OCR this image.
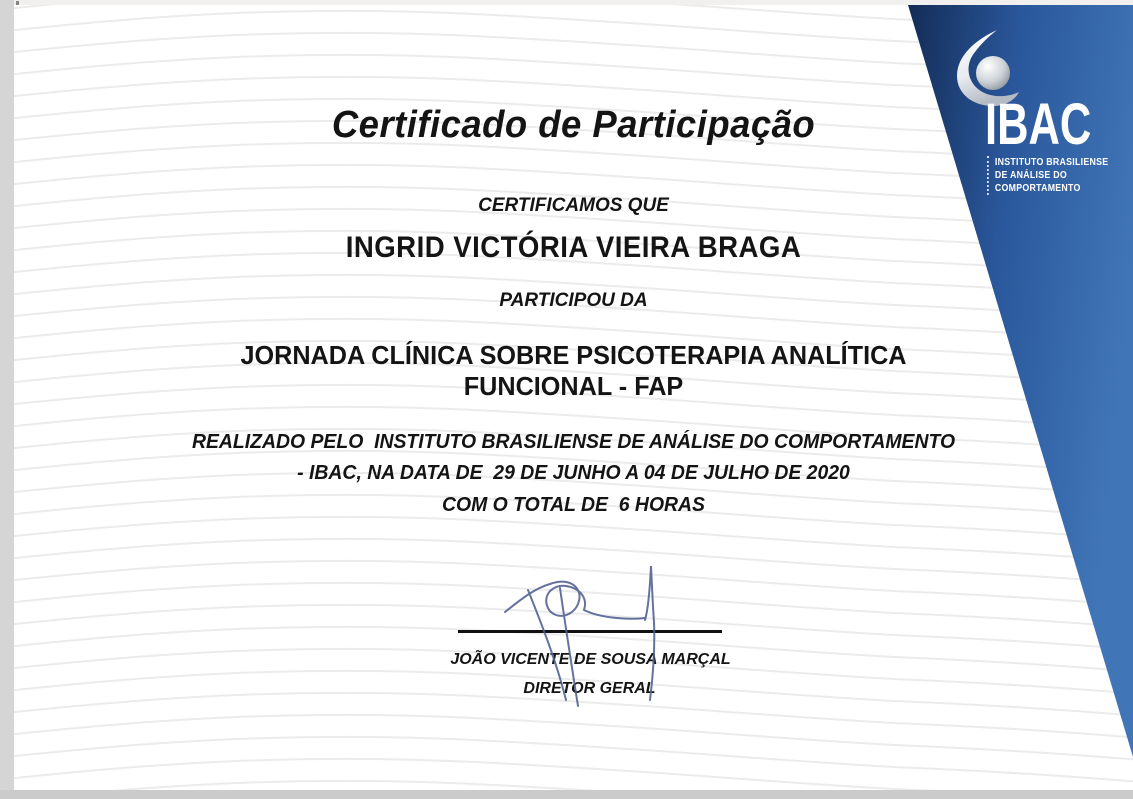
IBAC
INSTITUTO BRASILIENSE
DE ANÁLISE DO
COMPORTAMENTO
Certificado de Participação
CERTIFICAMOS QUE
INGRID VICTÓRIA VIEIRA BRAGA
PARTICIPOU DA
JORNADA CLÍNICA SOBRE PSICOTERAPIA ANALÍTICA
FUNCIONAL - FAP
REALIZADO PELO  INSTITUTO BRASILIENSE DE ANÁLISE DO COMPORTAMENTO
- IBAC, NA DATA DE  29 DE JUNHO A 04 DE JULHO DE 2020
COM O TOTAL DE  6 HORAS
JOÃO VICENTE DE SOUSA MARÇAL
DIRETOR GERAL
